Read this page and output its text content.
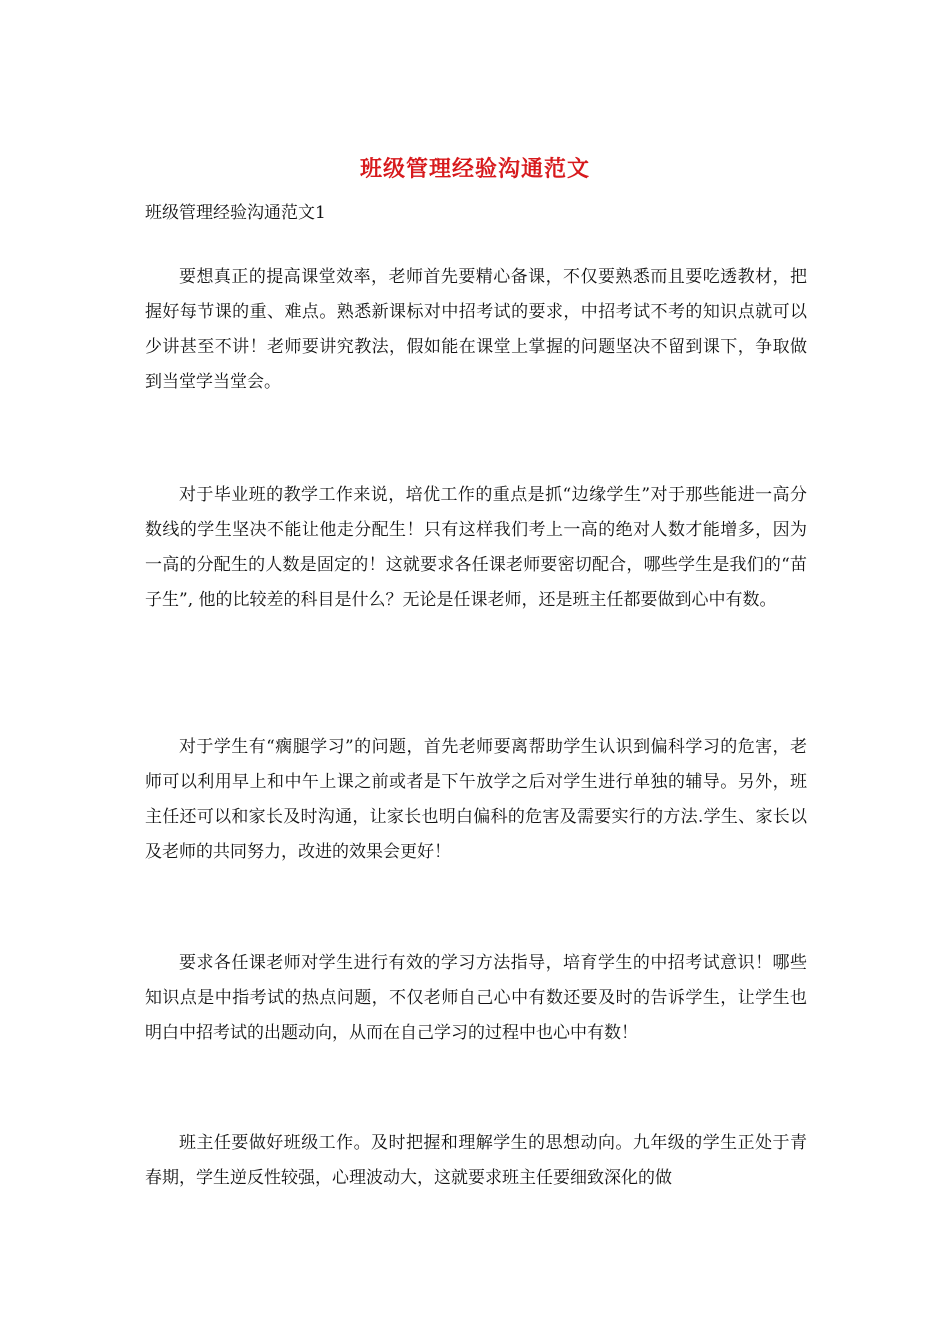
班级管理经验沟通范文

班级管理经验沟通范文1

要想真正的提高课堂效率，老师首先要精心备课，不仅要熟悉而且要吃透教材，把握好每节课的重、难点。熟悉新课标对中招考试的要求，中招考试不考的知识点就可以少讲甚至不讲！老师要讲究教法，假如能在课堂上掌握的问题坚决不留到课下，争取做到当堂学当堂会。

对于毕业班的教学工作来说，培优工作的重点是抓“边缘学生”对于那些能进一高分数线的学生坚决不能让他走分配生！只有这样我们考上一高的绝对人数才能增多，因为一高的分配生的人数是固定的！这就要求各任课老师要密切配合，哪些学生是我们的“苗子生”, 他的比较差的科目是什么？无论是任课老师，还是班主任都要做到心中有数。

对于学生有“瘸腿学习”的问题，首先老师要离帮助学生认识到偏科学习的危害，老师可以利用早上和中午上课之前或者是下午放学之后对学生进行单独的辅导。另外，班主任还可以和家长及时沟通，让家长也明白偏科的危害及需要实行的方法.学生、家长以及老师的共同努力，改进的效果会更好！

要求各任课老师对学生进行有效的学习方法指导，培育学生的中招考试意识！哪些知识点是中指考试的热点问题，不仅老师自己心中有数还要及时的告诉学生，让学生也明白中招考试的出题动向，从而在自己学习的过程中也心中有数！

班主任要做好班级工作。及时把握和理解学生的思想动向。九年级的学生正处于青春期，学生逆反性较强，心理波动大，这就要求班主任要细致深化的做
